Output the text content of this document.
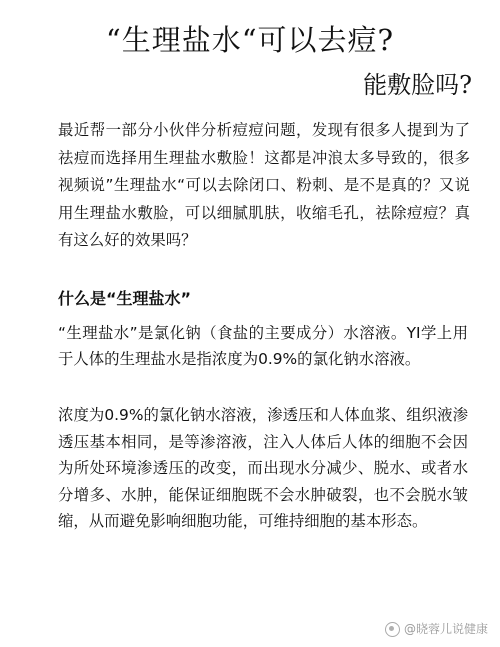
“生理盐水“可以去痘?
能敷脸吗?
最近帮一部分小伙伴分析痘痘问题，发现有很多人提到为了祛痘而选择用生理盐水敷脸！这都是冲浪太多导致的，很多视频说”生理盐水“可以去除闭口、粉刺、是不是真的？又说用生理盐水敷脸，可以细腻肌肤，收缩毛孔，祛除痘痘？真有这么好的效果吗？
什么是“生理盐水”
“生理盐水”是氯化钠（食盐的主要成分）水溶液。YI学上用于人体的生理盐水是指浓度为0.9%的氯化钠水溶液。
浓度为0.9%的氯化钠水溶液，渗透压和人体血浆、组织液渗透压基本相同，是等渗溶液，注入人体后人体的细胞不会因为所处环境渗透压的改变，而出现水分减少、脱水、或者水分增多、水肿，能保证细胞既不会水肿破裂，也不会脱水皱缩，从而避免影响细胞功能，可维持细胞的基本形态。
@晓蓉儿说健康
